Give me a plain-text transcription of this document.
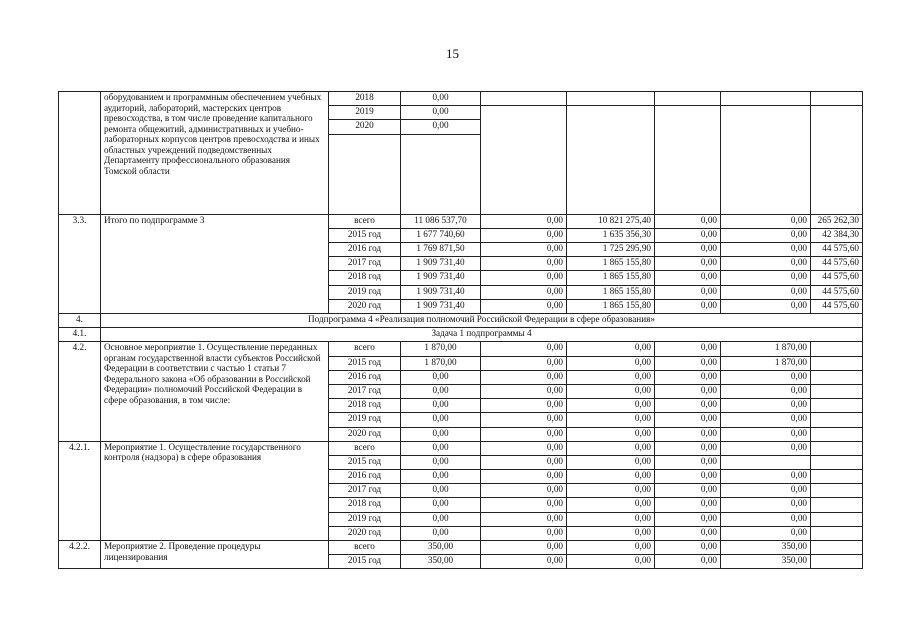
15
	оборудованием и программным обеспечением учебных аудиторий, лабораторий, мастерских центров превосходства, в том числе проведение капитального ремонта общежитий, административных и учебно-лабораторных корпусов центров превосходства и иных областных учреждений подведомственных Департаменту профессионального образования Томской области	2018	0,00					
		2019	0,00					
		2020	0,00					

3.3.	Итого по подпрограмме 3	всего	11 086 537,70	0,00	10 821 275,40	0,00	0,00	265 262,30
		2015 год	1 677 740,60	0,00	1 635 356,30	0,00	0,00	42 384,30
		2016 год	1 769 871,50	0,00	1 725 295,90	0,00	0,00	44 575,60
		2017 год	1 909 731,40	0,00	1 865 155,80	0,00	0,00	44 575,60
		2018 год	1 909 731,40	0,00	1 865 155,80	0,00	0,00	44 575,60
		2019 год	1 909 731,40	0,00	1 865 155,80	0,00	0,00	44 575,60
		2020 год	1 909 731,40	0,00	1 865 155,80	0,00	0,00	44 575,60
4.	Подпрограмма 4 «Реализация полномочий Российской Федерации в сфере образования»							
4.1.	Задача 1 подпрограммы 4							
4.2.	Основное мероприятие 1. Осуществление переданных органам государственной власти субъектов Российской Федерации в соответствии с частью 1 статьи 7 Федерального закона «Об образовании в Российской Федерации» полномочий Российской Федерации в сфере образования, в том числе:	всего	1 870,00	0,00	0,00	0,00	1 870,00	
		2015 год	1 870,00	0,00	0,00	0,00	1 870,00	
		2016 год	0,00	0,00	0,00	0,00	0,00	
		2017 год	0,00	0,00	0,00	0,00	0,00	
		2018 год	0,00	0,00	0,00	0,00	0,00	
		2019 год	0,00	0,00	0,00	0,00	0,00	
		2020 год	0,00	0,00	0,00	0,00	0,00	
4.2.1.	Мероприятие 1. Осуществление государственного контроля (надзора) в сфере образования	всего	0,00	0,00	0,00	0,00	0,00	
		2015 год	0,00	0,00	0,00	0,00		
		2016 год	0,00	0,00	0,00	0,00	0,00	
		2017 год	0,00	0,00	0,00	0,00	0,00	
		2018 год	0,00	0,00	0,00	0,00	0,00	
		2019 год	0,00	0,00	0,00	0,00	0,00	
		2020 год	0,00	0,00	0,00	0,00	0,00	
4.2.2.	Мероприятие 2. Проведение процедуры лицензирования	всего	350,00	0,00	0,00	0,00	350,00	
		2015 год	350,00	0,00	0,00	0,00	350,00	
